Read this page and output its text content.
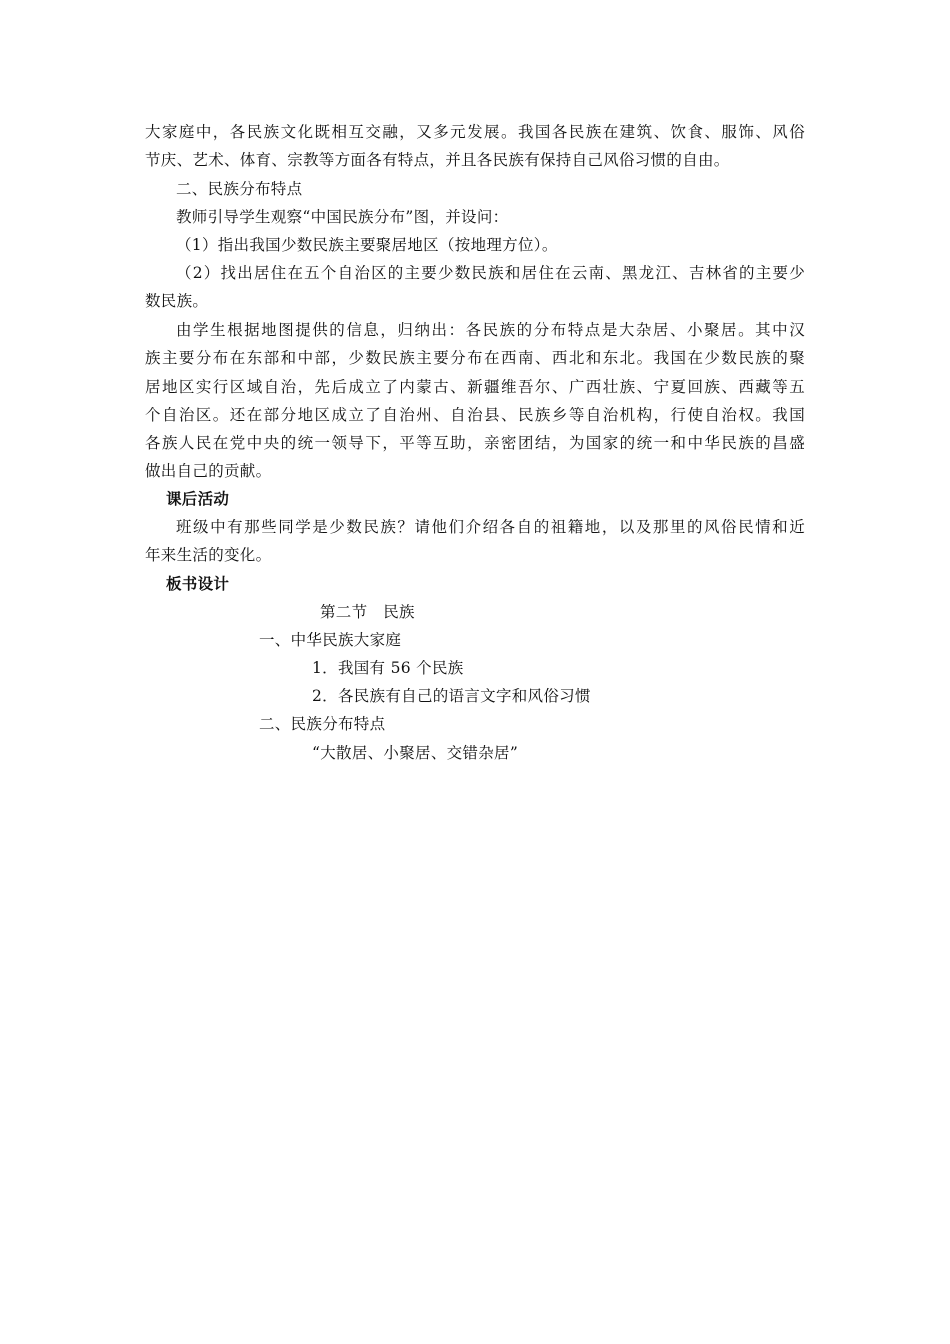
大家庭中，各民族文化既相互交融，又多元发展。我国各民族在建筑、饮食、服饰、风俗
节庆、艺术、体育、宗教等方面各有特点，并且各民族有保持自己风俗习惯的自由。
二、民族分布特点
教师引导学生观察“中国民族分布”图，并设问：
（1）指出我国少数民族主要聚居地区（按地理方位）。
（2）找出居住在五个自治区的主要少数民族和居住在云南、黑龙江、吉林省的主要少
数民族。
由学生根据地图提供的信息，归纳出：各民族的分布特点是大杂居、小聚居。其中汉
族主要分布在东部和中部，少数民族主要分布在西南、西北和东北。我国在少数民族的聚
居地区实行区域自治，先后成立了内蒙古、新疆维吾尔、广西壮族、宁夏回族、西藏等五
个自治区。还在部分地区成立了自治州、自治县、民族乡等自治机构，行使自治权。我国
各族人民在党中央的统一领导下，平等互助，亲密团结，为国家的统一和中华民族的昌盛
做出自己的贡献。
课后活动
班级中有那些同学是少数民族？请他们介绍各自的祖籍地，以及那里的风俗民情和近
年来生活的变化。
板书设计
第二节　民族
一、中华民族大家庭
1．我国有 56 个民族
2．各民族有自己的语言文字和风俗习惯
二、民族分布特点
“大散居、小聚居、交错杂居”
